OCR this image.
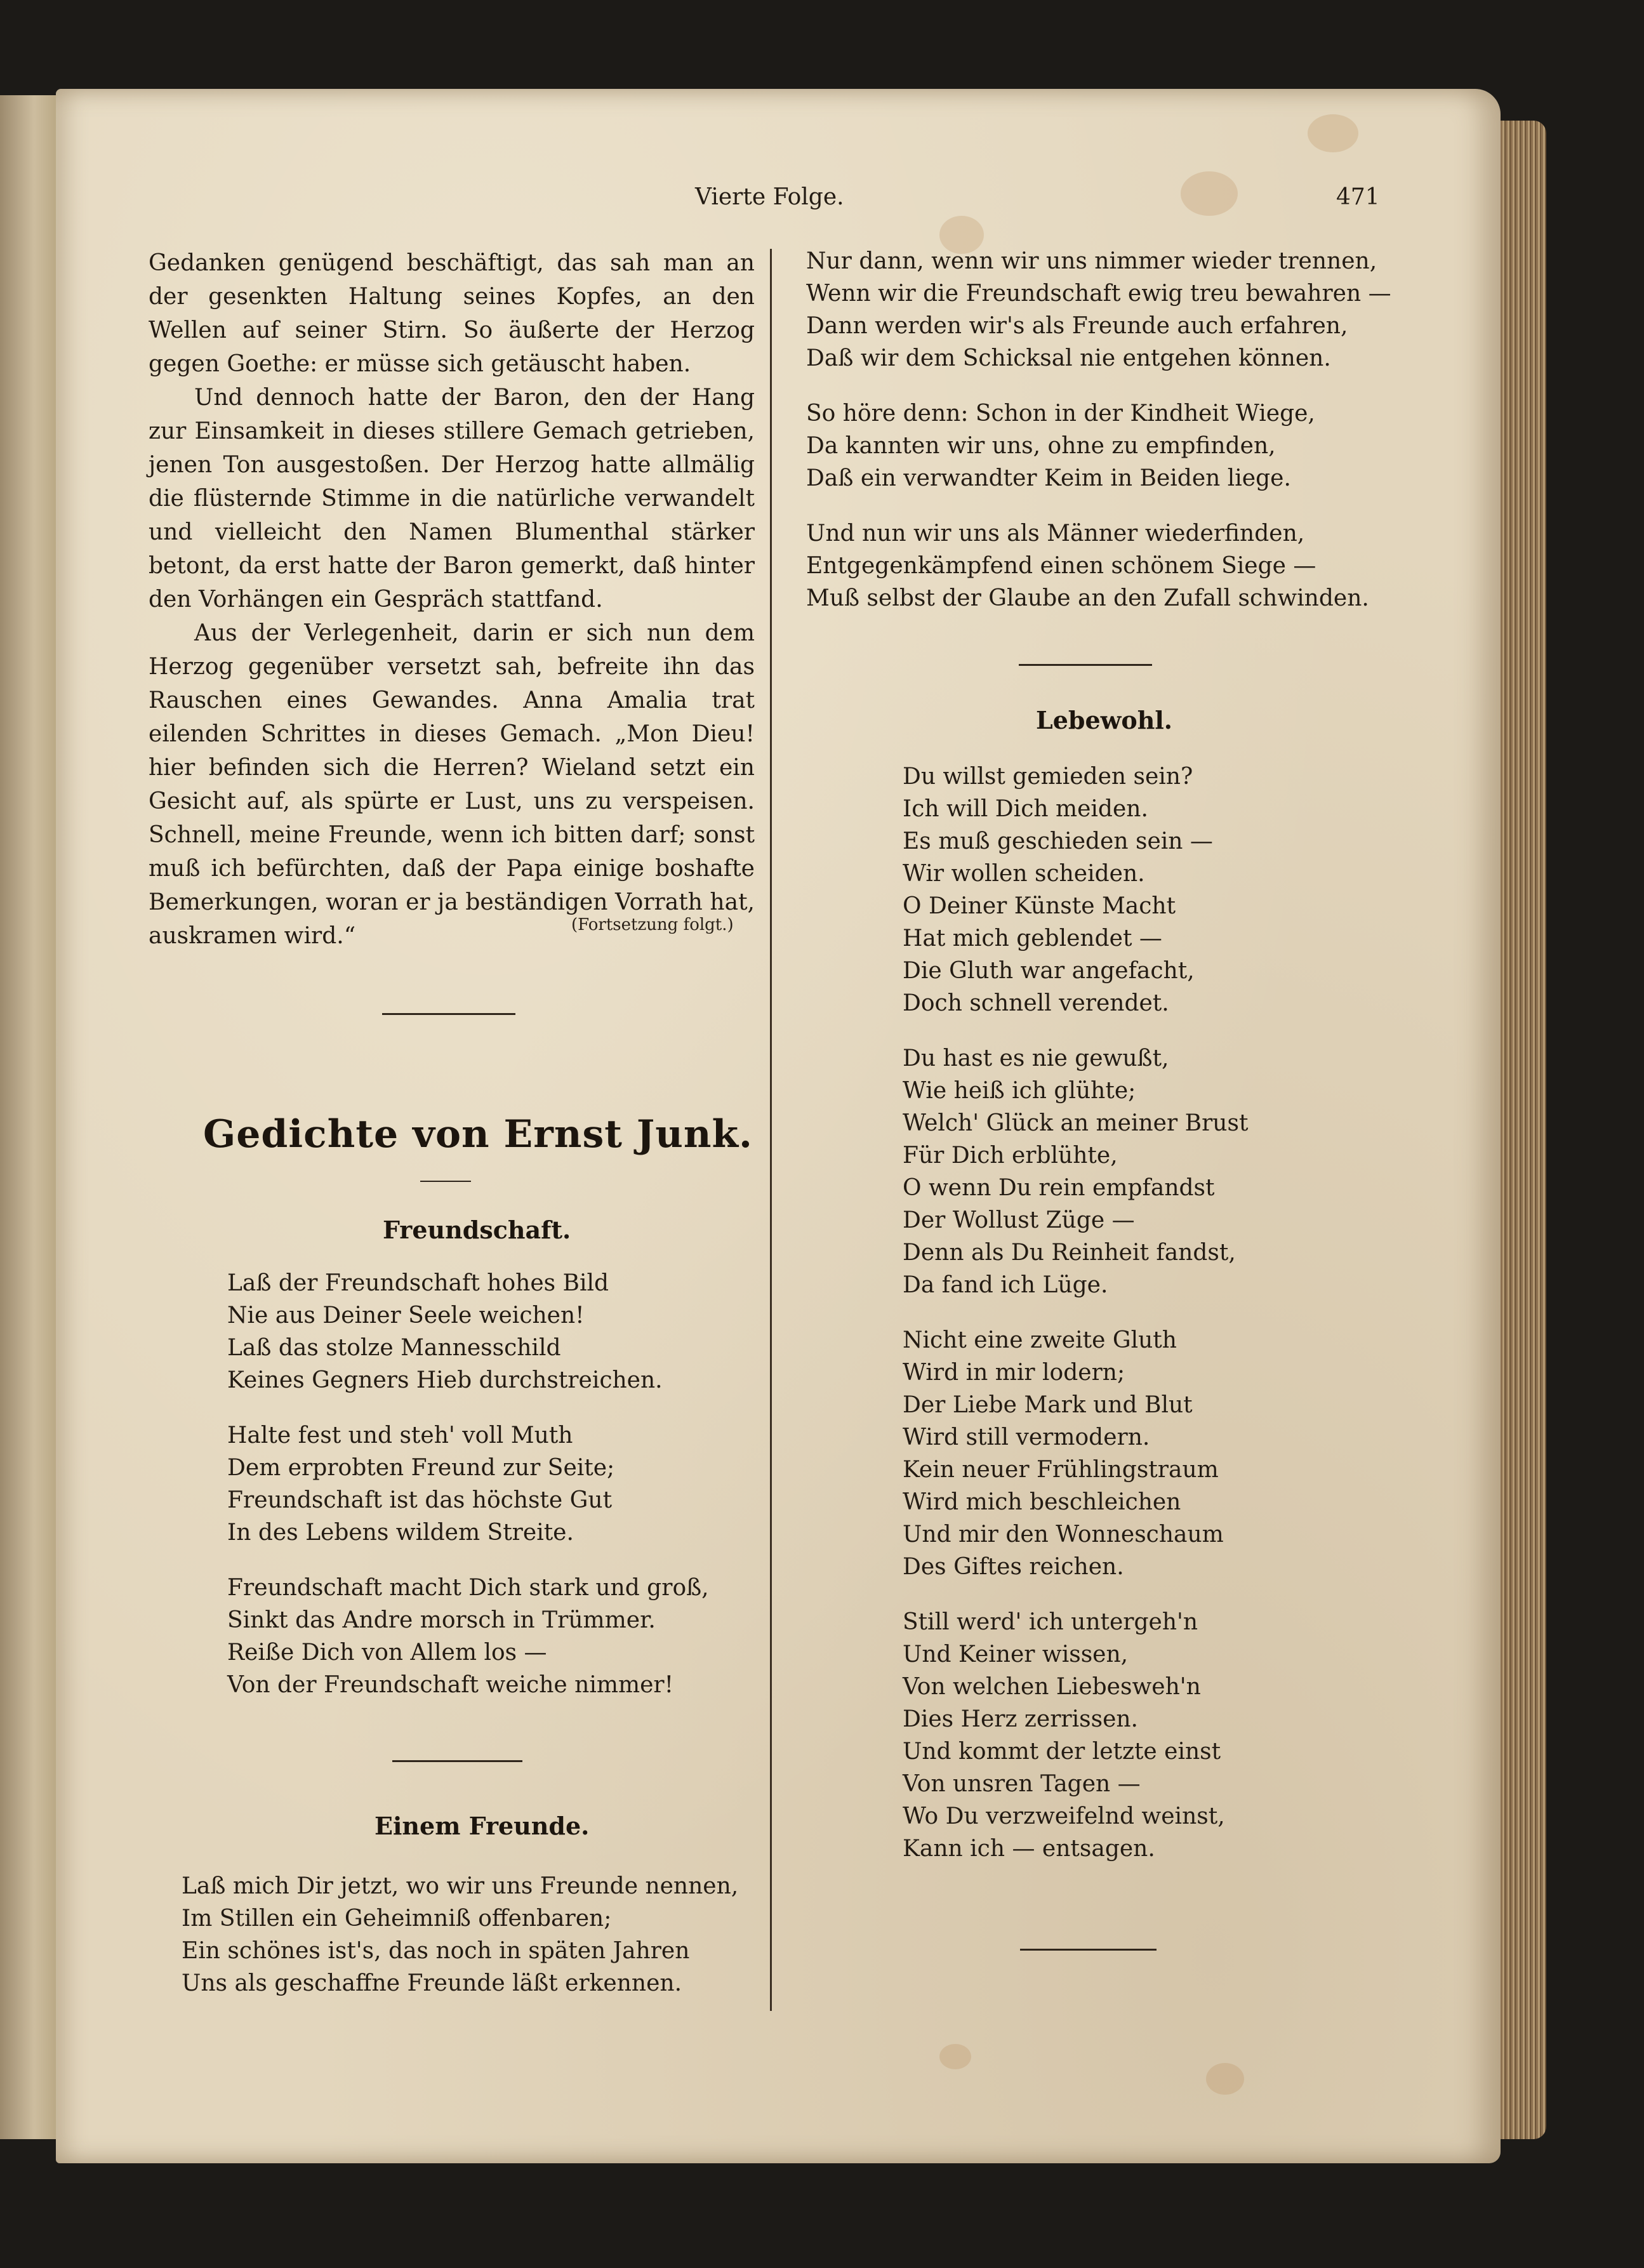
Vierte Folge.	471

Gedanken genügend beschäftigt, das sah man an der gesenkten Haltung seines Kopfes, an den Wellen auf seiner Stirn. So äußerte der Herzog gegen Goethe: er müsse sich getäuscht haben.

Und dennoch hatte der Baron, den der Hang zur Einsamkeit in dieses stillere Gemach getrieben, jenen Ton ausgestoßen. Der Herzog hatte allmälig die flüsternde Stimme in die natürliche verwandelt und vielleicht den Namen Blumenthal stärker betont, da erst hatte der Baron gemerkt, daß hinter den Vorhängen ein Gespräch stattfand.

Aus der Verlegenheit, darin er sich nun dem Herzog gegenüber versetzt sah, befreite ihn das Rauschen eines Gewandes. Anna Amalia trat eilenden Schrittes in dieses Gemach. „Mon Dieu! hier befinden sich die Herren? Wieland setzt ein Gesicht auf, als spürte er Lust, uns zu verspeisen. Schnell, meine Freunde, wenn ich bitten darf; sonst muß ich befürchten, daß der Papa einige boshafte Bemerkungen, woran er ja beständigen Vorrath hat, auskramen wird.“	(Fortsetzung folgt.)
Gedichte von Ernst Junk.
Freundschaft.
Laß der Freundschaft hohes Bild
Nie aus Deiner Seele weichen!
Laß das stolze Mannesschild
Keines Gegners Hieb durchstreichen.
Halte fest und steh' voll Muth
Dem erprobten Freund zur Seite;
Freundschaft ist das höchste Gut
In des Lebens wildem Streite.
Freundschaft macht Dich stark und groß,
Sinkt das Andre morsch in Trümmer.
Reiße Dich von Allem los —
Von der Freundschaft weiche nimmer!
Einem Freunde.
Laß mich Dir jetzt, wo wir uns Freunde nennen,
Im Stillen ein Geheimniß offenbaren;
Ein schönes ist's, das noch in späten Jahren
Uns als geschaffne Freunde läßt erkennen.
Nur dann, wenn wir uns nimmer wieder trennen,
Wenn wir die Freundschaft ewig treu bewahren —
Dann werden wir's als Freunde auch erfahren,
Daß wir dem Schicksal nie entgehen können.
So höre denn: Schon in der Kindheit Wiege,
Da kannten wir uns, ohne zu empfinden,
Daß ein verwandter Keim in Beiden liege.
Und nun wir uns als Männer wiederfinden,
Entgegenkämpfend einen schönem Siege —
Muß selbst der Glaube an den Zufall schwinden.
Lebewohl.
Du willst gemieden sein?
Ich will Dich meiden.
Es muß geschieden sein —
Wir wollen scheiden.
O Deiner Künste Macht
Hat mich geblendet —
Die Gluth war angefacht,
Doch schnell verendet.
Du hast es nie gewußt,
Wie heiß ich glühte;
Welch' Glück an meiner Brust
Für Dich erblühte,
O wenn Du rein empfandst
Der Wollust Züge —
Denn als Du Reinheit fandst,
Da fand ich Lüge.
Nicht eine zweite Gluth
Wird in mir lodern;
Der Liebe Mark und Blut
Wird still vermodern.
Kein neuer Frühlingstraum
Wird mich beschleichen
Und mir den Wonneschaum
Des Giftes reichen.
Still werd' ich untergeh'n
Und Keiner wissen,
Von welchen Liebesweh'n
Dies Herz zerrissen.
Und kommt der letzte einst
Von unsren Tagen —
Wo Du verzweifelnd weinst,
Kann ich — entsagen.
